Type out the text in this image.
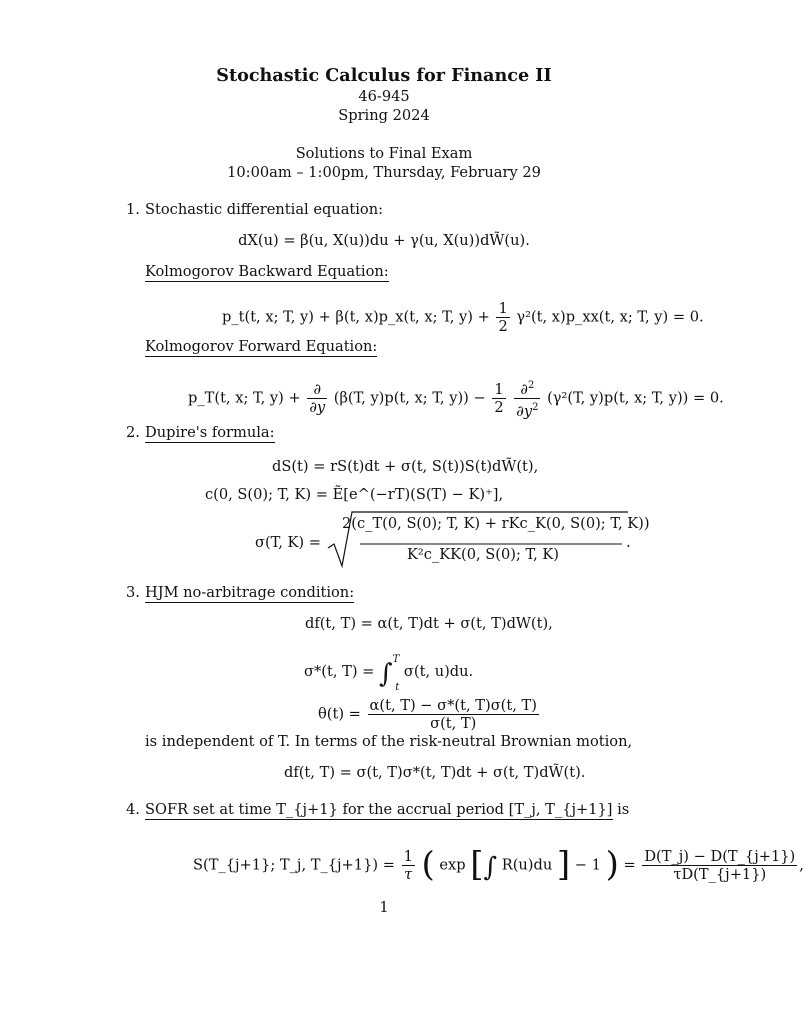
Stochastic Calculus for Finance II
46-945
Spring 2024
Solutions to Final Exam
10:00am – 1:00pm, Thursday, February 29
1. Stochastic differential equation:
dX(u) = β(u, X(u))du + γ(u, X(u))dW̃(u).
Kolmogorov Backward Equation:
p_t(t, x; T, y) + β(t, x)p_x(t, x; T, $y) + \frac{1}{2} \gamma^2(t$, x)p_xx(t, x; T, y) = 0.
Kolmogorov Forward Equation:
p_T(t, x; T, $y) + \frac{\partial}{\partial y} (\beta(T$, y)p(t, x; T, $y)) - \frac{1}{2}$
$\frac{\partial^2}{\partial y^2} (\gamma^2(T$, y)p(t, x; T, y)) = 0.
2. Dupire's formula:
dS(t) = rS(t)dt + σ(t, S(t))S(t)dW̃(t),
c(0, S(0); T, K) = Ẽ[e^(−rT)(S(T) − K)⁺],
σ(T, K) =
2(c_T(0, S(0); T, K) + rKc_K(0, S(0); T, K))
K²c_KK(0, S(0); T, K)
.
3. HJM no-arbitrage condition:
df(t, T) = α(t, T)dt + σ(t, T)dW(t),
σ*(t, T) = ∫$^T_t$ σ(t, u)du.
$\theta(t) = \frac{\alpha(t, T) - \sigma*(t, T)\sigma(t, T)}{\sigma(t, T)}$
is independent of T. In terms of the risk-neutral Brownian motion,
df(t, T) = σ(t, T)σ*(t, T)dt + σ(t, T)dW̃(t).
4. SOFR set at time T_{j+1} for the accrual period [T_j, T_{j+1}] is
S(T_{j+1}; T_j, T_{j+1}) = $\frac{1}{\tau}$ ( exp [∫ R(u)du ] − 1 ) = $\frac{D(T\_j) - D(T\_\{j+1\})}{\tau D(T\_\{j+1\})}$ ,
1
